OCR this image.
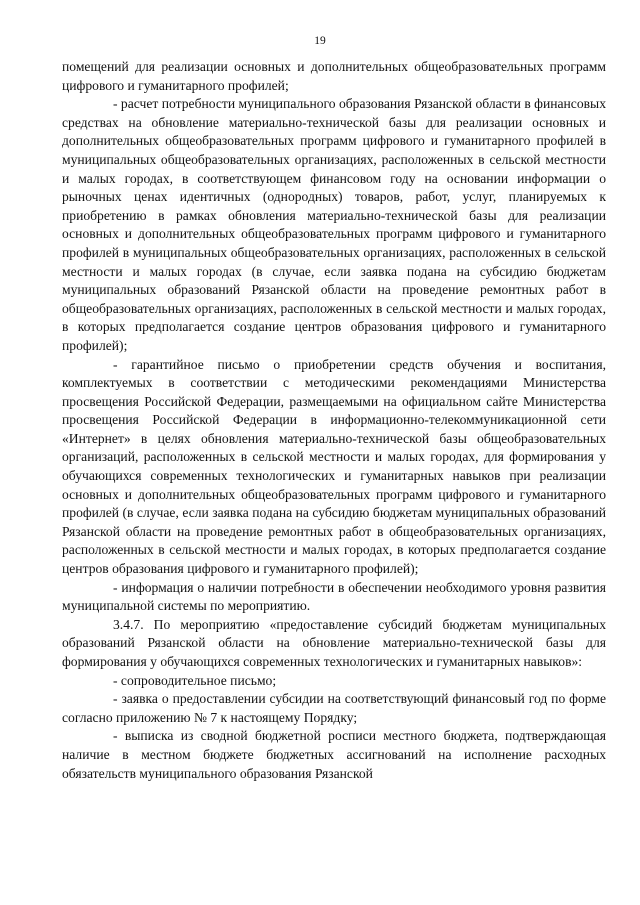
19

помещений для реализации основных и дополнительных общеобразовательных программ цифрового и гуманитарного профилей;

- расчет потребности муниципального образования Рязанской области в финансовых средствах на обновление материально-технической базы для реализации основных и дополнительных общеобразовательных программ цифрового и гуманитарного профилей в муниципальных общеобразовательных организациях, расположенных в сельской местности и малых городах, в соответствующем финансовом году на основании информации о рыночных ценах идентичных (однородных) товаров, работ, услуг, планируемых к приобретению в рамках обновления материально-технической базы для реализации основных и дополнительных общеобразовательных программ цифрового и гуманитарного профилей в муниципальных общеобразовательных организациях, расположенных в сельской местности и малых городах (в случае, если заявка подана на субсидию бюджетам муниципальных образований Рязанской области на проведение ремонтных работ в общеобразовательных организациях, расположенных в сельской местности и малых городах, в которых предполагается создание центров образования цифрового и гуманитарного профилей);

- гарантийное письмо о приобретении средств обучения и воспитания, комплектуемых в соответствии с методическими рекомендациями Министерства просвещения Российской Федерации, размещаемыми на официальном сайте Министерства просвещения Российской Федерации в информационно-телекоммуникационной сети «Интернет» в целях обновления материально-технической базы общеобразовательных организаций, расположенных в сельской местности и малых городах, для формирования у обучающихся современных технологических и гуманитарных навыков при реализации основных и дополнительных общеобразовательных программ цифрового и гуманитарного профилей (в случае, если заявка подана на субсидию бюджетам муниципальных образований Рязанской области на проведение ремонтных работ в общеобразовательных организациях, расположенных в сельской местности и малых городах, в которых предполагается создание центров образования цифрового и гуманитарного профилей);

- информация о наличии потребности в обеспечении необходимого уровня развития муниципальной системы по мероприятию.

3.4.7. По мероприятию «предоставление субсидий бюджетам муниципальных образований Рязанской области на обновление материально-технической базы для формирования у обучающихся современных технологических и гуманитарных навыков»:

- сопроводительное письмо;

- заявка о предоставлении субсидии на соответствующий финансовый год по форме согласно приложению № 7 к настоящему Порядку;

- выписка из сводной бюджетной росписи местного бюджета, подтверждающая наличие в местном бюджете бюджетных ассигнований на исполнение расходных обязательств муниципального образования Рязанской
